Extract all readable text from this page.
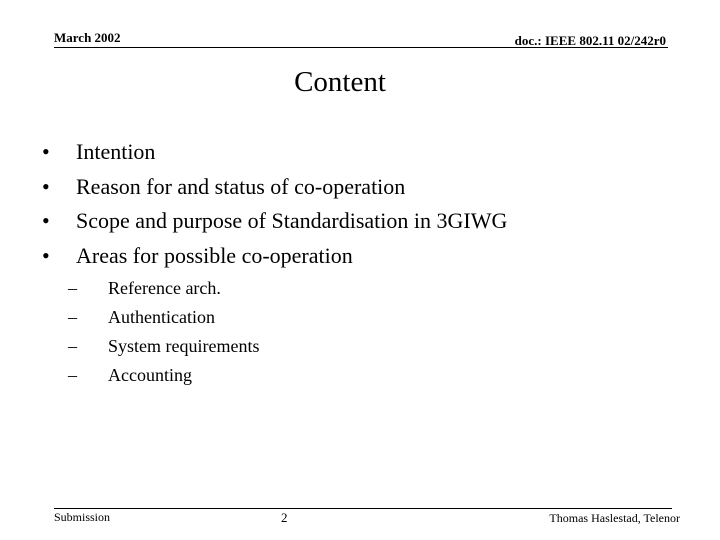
March 2002	doc.: IEEE 802.11 02/242r0
Content
• Intention
• Reason for and status of co-operation
• Scope and purpose of Standardisation in 3GIWG
• Areas for possible co-operation
– Reference arch.
– Authentication
– System requirements
– Accounting
Submission	2	Thomas Haslestad, Telenor
